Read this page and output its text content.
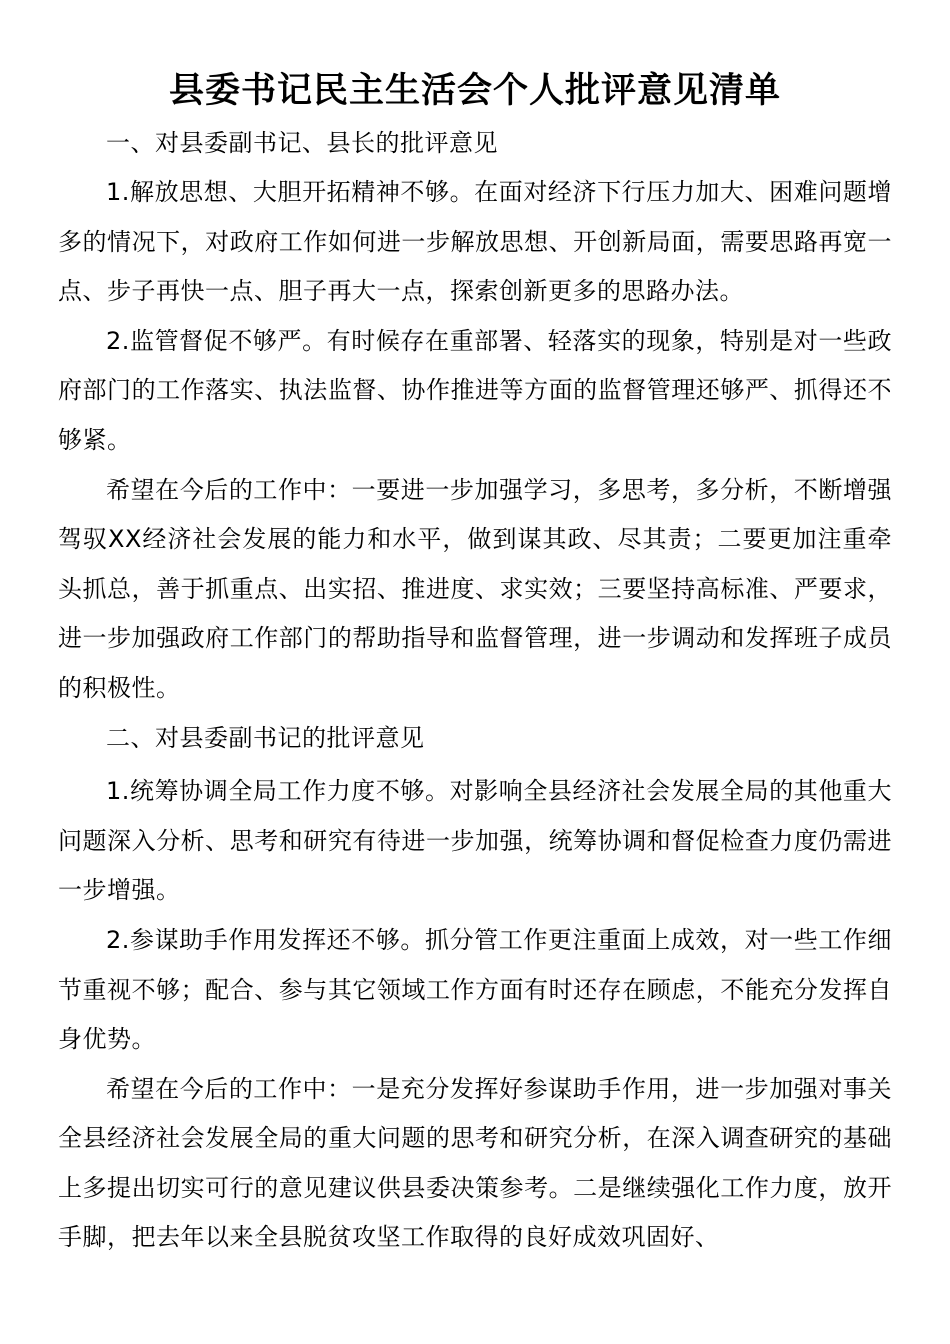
县委书记民主生活会个人批评意见清单

一、对县委副书记、县长的批评意见

1.解放思想、大胆开拓精神不够。在面对经济下行压力加大、困难问题增多的情况下，对政府工作如何进一步解放思想、开创新局面，需要思路再宽一点、步子再快一点、胆子再大一点，探索创新更多的思路办法。

2.监管督促不够严。有时候存在重部署、轻落实的现象，特别是对一些政府部门的工作落实、执法监督、协作推进等方面的监督管理还够严、抓得还不够紧。

希望在今后的工作中：一要进一步加强学习，多思考，多分析，不断增强驾驭XX经济社会发展的能力和水平，做到谋其政、尽其责；二要更加注重牵头抓总，善于抓重点、出实招、推进度、求实效；三要坚持高标准、严要求，进一步加强政府工作部门的帮助指导和监督管理，进一步调动和发挥班子成员的积极性。

二、对县委副书记的批评意见

1.统筹协调全局工作力度不够。对影响全县经济社会发展全局的其他重大问题深入分析、思考和研究有待进一步加强，统筹协调和督促检查力度仍需进一步增强。

2.参谋助手作用发挥还不够。抓分管工作更注重面上成效，对一些工作细节重视不够；配合、参与其它领域工作方面有时还存在顾虑，不能充分发挥自身优势。

希望在今后的工作中：一是充分发挥好参谋助手作用，进一步加强对事关全县经济社会发展全局的重大问题的思考和研究分析，在深入调查研究的基础上多提出切实可行的意见建议供县委决策参考。二是继续强化工作力度，放开手脚，把去年以来全县脱贫攻坚工作取得的良好成效巩固好、
